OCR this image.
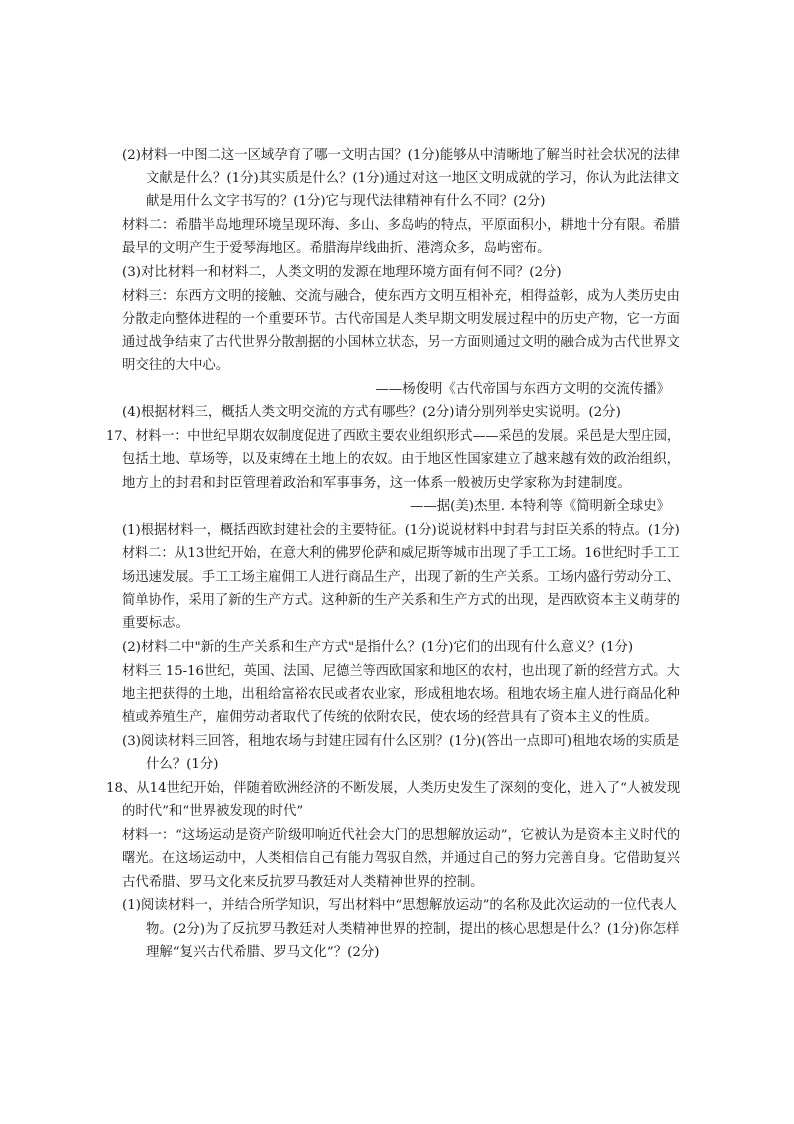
(2)材料一中图二这一区域孕育了哪一文明古国？(1分)能够从中清晰地了解当时社会状况的法律
文献是什么？(1分)其实质是什么？(1分)通过对这一地区文明成就的学习，你认为此法律文
献是用什么文字书写的？(1分)它与现代法律精神有什么不同？(2分)
材料二：希腊半岛地理环境呈现环海、多山、多岛屿的特点，平原面积小，耕地十分有限。希腊
最早的文明产生于爱琴海地区。希腊海岸线曲折、港湾众多，岛屿密布。
(3)对比材料一和材料二，人类文明的发源在地理环境方面有何不同？(2分)
材料三：东西方文明的接触、交流与融合，使东西方文明互相补充，相得益彰，成为人类历史由
分散走向整体进程的一个重要环节。古代帝国是人类早期文明发展过程中的历史产物，它一方面
通过战争结束了古代世界分散割据的小国林立状态，另一方面则通过文明的融合成为古代世界文
明交往的大中心。
——杨俊明《古代帝国与东西方文明的交流传播》
(4)根据材料三，概括人类文明交流的方式有哪些？(2分)请分别列举史实说明。(2分)
17、材料一：中世纪早期农奴制度促进了西欧主要农业组织形式——采邑的发展。采邑是大型庄园，
包括土地、草场等，以及束缚在土地上的农奴。由于地区性国家建立了越来越有效的政治组织，
地方上的封君和封臣管理着政治和军事事务，这一体系一般被历史学家称为封建制度。
——据(美)杰里. 本特利等《简明新全球史》
(1)根据材料一，概括西欧封建社会的主要特征。(1分)说说材料中封君与封臣关系的特点。(1分)
材料二：从13世纪开始，在意大利的佛罗伦萨和威尼斯等城市出现了手工工场。16世纪时手工工
场迅速发展。手工工场主雇佣工人进行商品生产，出现了新的生产关系。工场内盛行劳动分工、
简单协作，采用了新的生产方式。这种新的生产关系和生产方式的出现，是西欧资本主义萌芽的
重要标志。
(2)材料二中"新的生产关系和生产方式"是指什么？(1分)它们的出现有什么意义？(1分)
材料三 15-16世纪，英国、法国、尼德兰等西欧国家和地区的农村，也出现了新的经营方式。大
地主把获得的土地，出租给富裕农民或者农业家，形成租地农场。租地农场主雇人进行商品化种
植或养殖生产，雇佣劳动者取代了传统的依附农民，使农场的经营具有了资本主义的性质。
(3)阅读材料三回答，租地农场与封建庄园有什么区别？(1分)(答出一点即可)租地农场的实质是
什么？(1分)
18、从14世纪开始，伴随着欧洲经济的不断发展，人类历史发生了深刻的变化，进入了“人被发现
的时代”和“世界被发现的时代”
材料一：“这场运动是资产阶级叩响近代社会大门的思想解放运动”，它被认为是资本主义时代的
曙光。在这场运动中，人类相信自己有能力驾驭自然，并通过自己的努力完善自身。它借助复兴
古代希腊、罗马文化来反抗罗马教廷对人类精神世界的控制。
(1)阅读材料一，并结合所学知识，写出材料中“思想解放运动”的名称及此次运动的一位代表人
物。(2分)为了反抗罗马教廷对人类精神世界的控制，提出的核心思想是什么？(1分)你怎样
理解“复兴古代希腊、罗马文化”？(2分)
